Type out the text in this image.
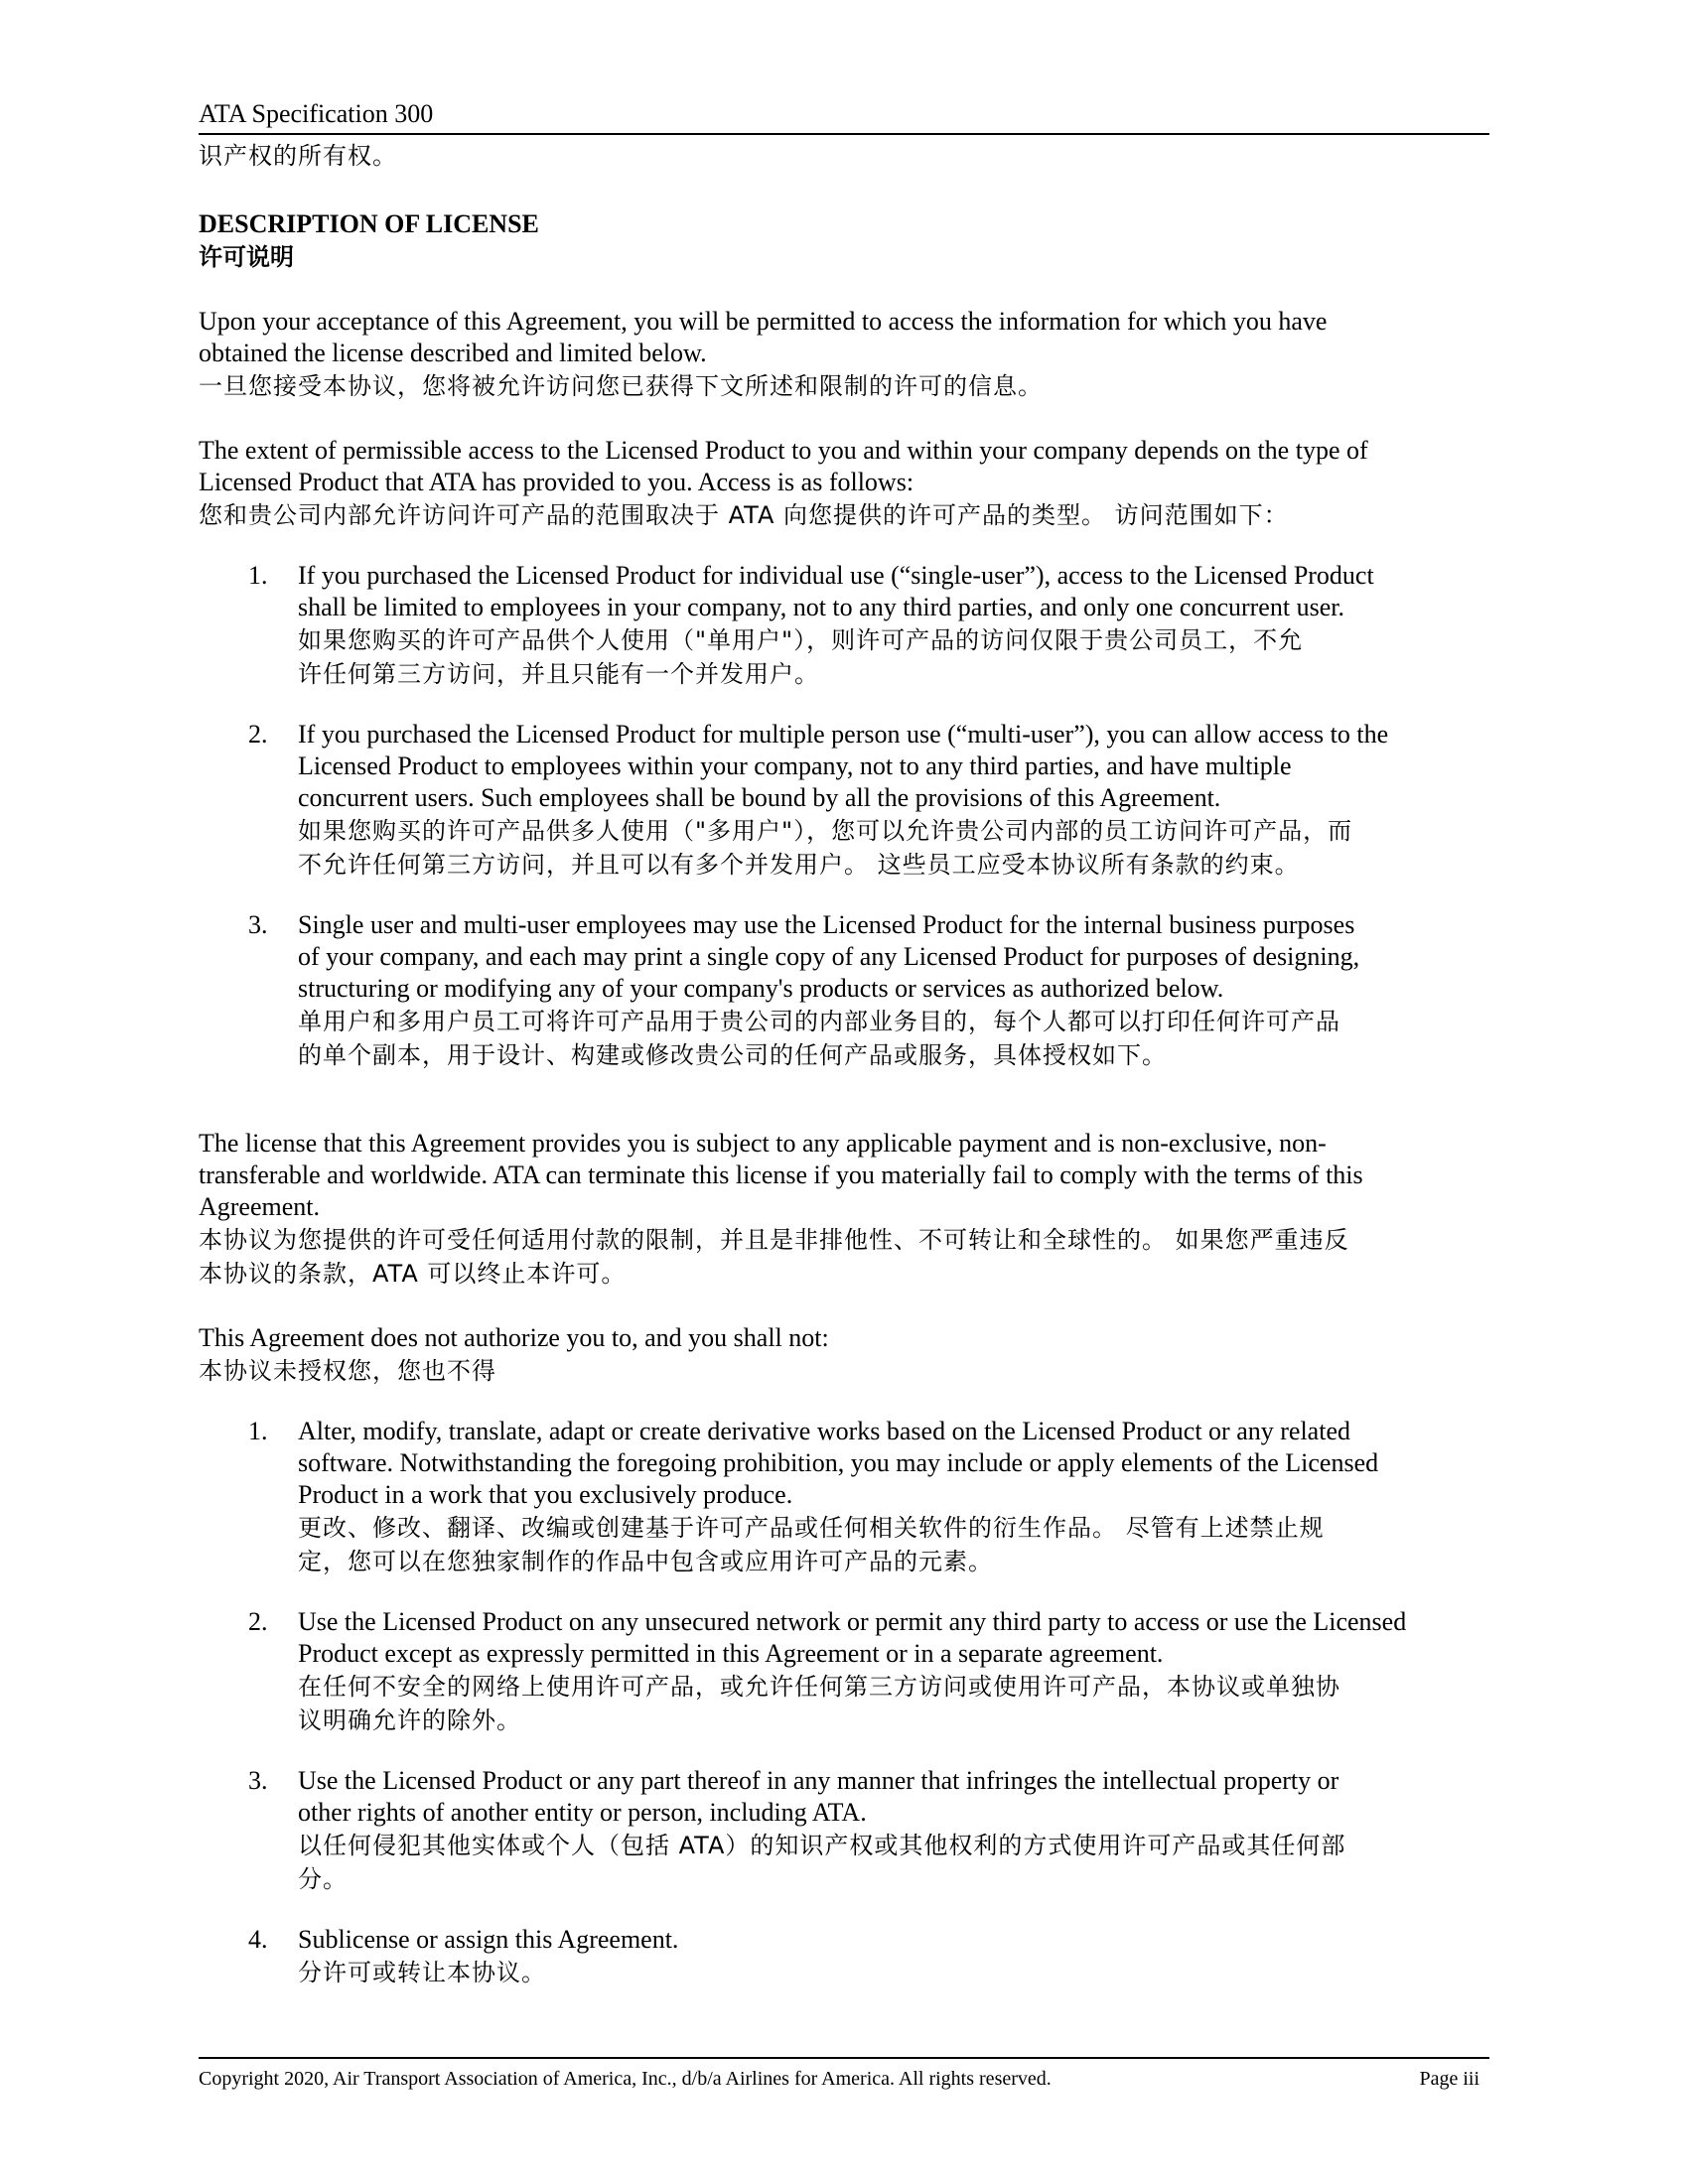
ATA Specification 300
识产权的所有权。
DESCRIPTION OF LICENSE
许可说明
Upon your acceptance of this Agreement, you will be permitted to access the information for which you have
obtained the license described and limited below.
一旦您接受本协议，您将被允许访问您已获得下文所述和限制的许可的信息。
The extent of permissible access to the Licensed Product to you and within your company depends on the type of
Licensed Product that ATA has provided to you. Access is as follows:
您和贵公司内部允许访问许可产品的范围取决于 ATA 向您提供的许可产品的类型。 访问范围如下：
1.	If you purchased the Licensed Product for individual use (“single-user”), access to the Licensed Product
shall be limited to employees in your company, not to any third parties, and only one concurrent user.
如果您购买的许可产品供个人使用（"单用户"），则许可产品的访问仅限于贵公司员工，不允
许任何第三方访问，并且只能有一个并发用户。
2.	If you purchased the Licensed Product for multiple person use (“multi-user”), you can allow access to the
Licensed Product to employees within your company, not to any third parties, and have multiple
concurrent users. Such employees shall be bound by all the provisions of this Agreement.
如果您购买的许可产品供多人使用（"多用户"），您可以允许贵公司内部的员工访问许可产品，而
不允许任何第三方访问，并且可以有多个并发用户。 这些员工应受本协议所有条款的约束。
3.	Single user and multi-user employees may use the Licensed Product for the internal business purposes
of your company, and each may print a single copy of any Licensed Product for purposes of designing,
structuring or modifying any of your company's products or services as authorized below.
单用户和多用户员工可将许可产品用于贵公司的内部业务目的，每个人都可以打印任何许可产品
的单个副本，用于设计、构建或修改贵公司的任何产品或服务，具体授权如下。
The license that this Agreement provides you is subject to any applicable payment and is non-exclusive, non-
transferable and worldwide. ATA can terminate this license if you materially fail to comply with the terms of this
Agreement.
本协议为您提供的许可受任何适用付款的限制，并且是非排他性、不可转让和全球性的。 如果您严重违反
本协议的条款，ATA 可以终止本许可。
This Agreement does not authorize you to, and you shall not:
本协议未授权您，您也不得
1.	Alter, modify, translate, adapt or create derivative works based on the Licensed Product or any related
software. Notwithstanding the foregoing prohibition, you may include or apply elements of the Licensed
Product in a work that you exclusively produce.
更改、修改、翻译、改编或创建基于许可产品或任何相关软件的衍生作品。 尽管有上述禁止规
定，您可以在您独家制作的作品中包含或应用许可产品的元素。
2.	Use the Licensed Product on any unsecured network or permit any third party to access or use the Licensed
Product except as expressly permitted in this Agreement or in a separate agreement.
在任何不安全的网络上使用许可产品，或允许任何第三方访问或使用许可产品，本协议或单独协
议明确允许的除外。
3.	Use the Licensed Product or any part thereof in any manner that infringes the intellectual property or
other rights of another entity or person, including ATA.
以任何侵犯其他实体或个人（包括 ATA）的知识产权或其他权利的方式使用许可产品或其任何部
分。
4.	Sublicense or assign this Agreement.
分许可或转让本协议。
Copyright 2020, Air Transport Association of America, Inc., d/b/a Airlines for America. All rights reserved.	Page iii
